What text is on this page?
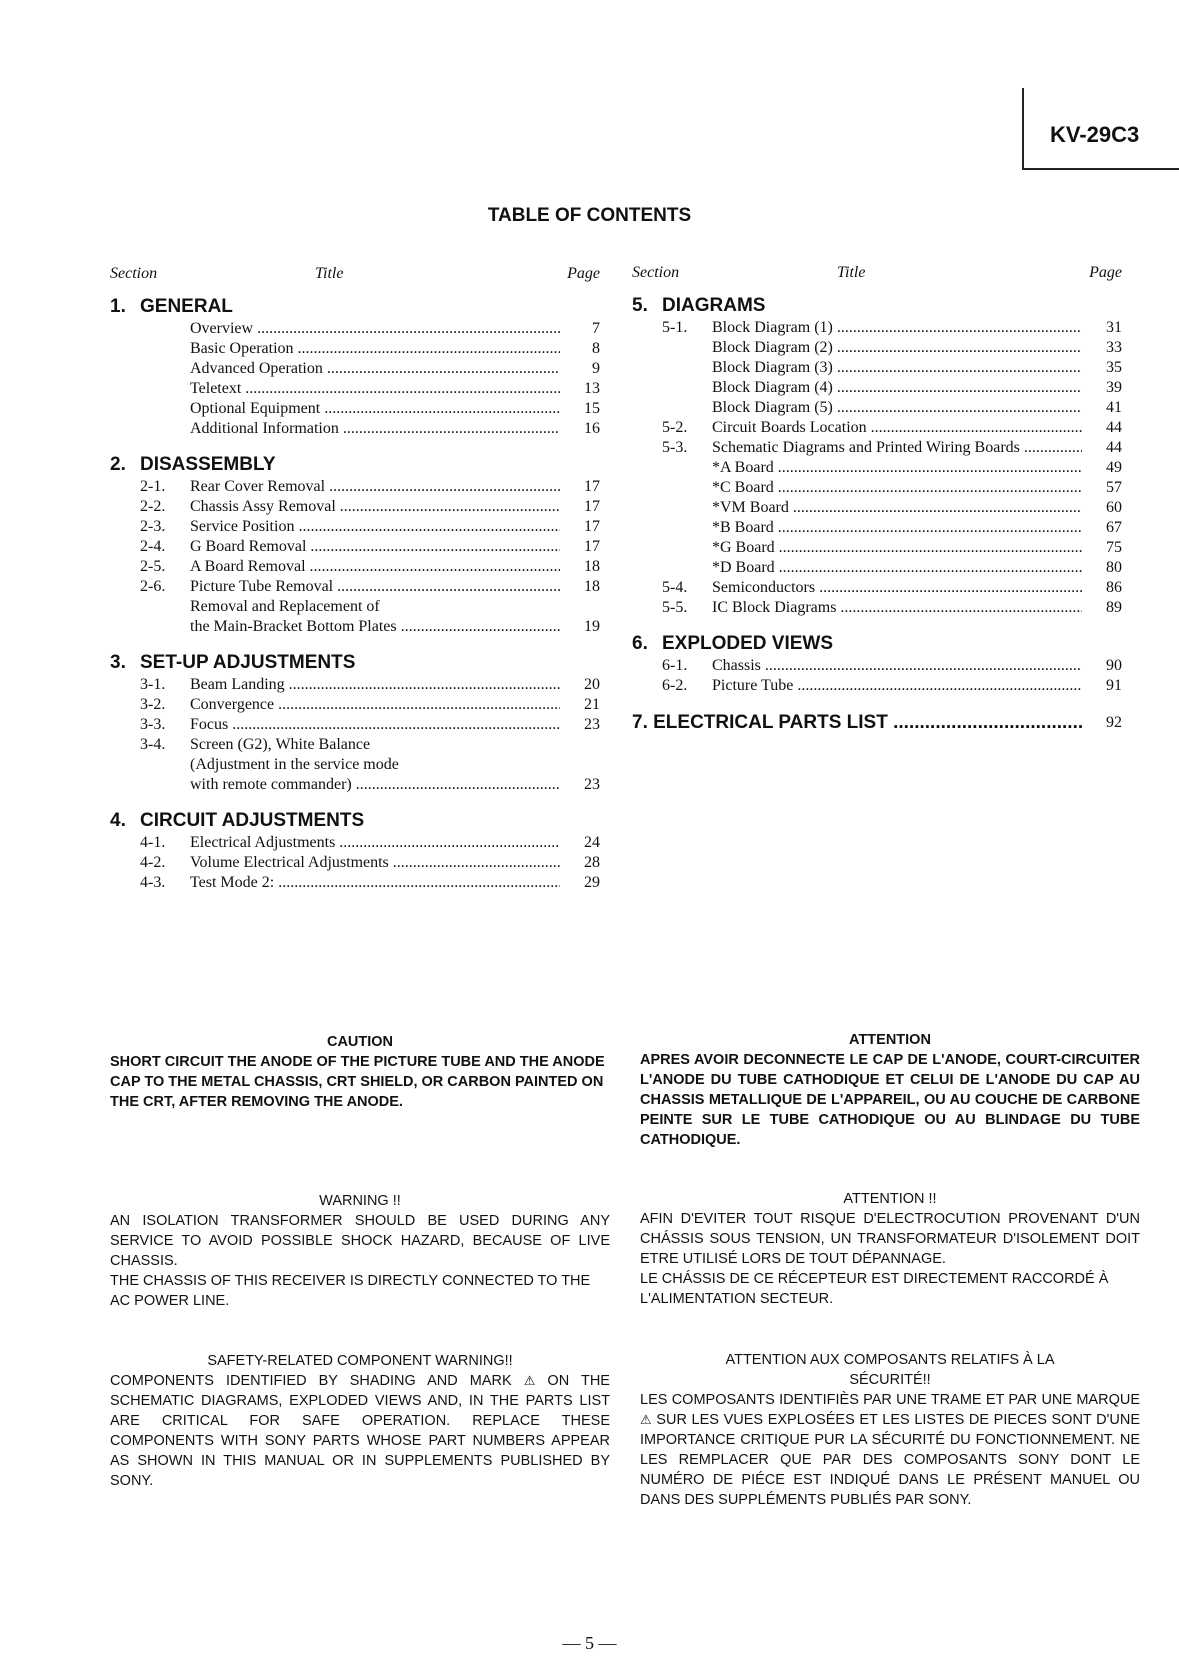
KV-29C3
TABLE OF CONTENTS
Section	Title	Page
1. GENERAL
Overview .....	7
Basic Operation .....	8
Advanced Operation .....	9
Teletext .....	13
Optional Equipment .....	15
Additional Information .....	16
2. DISASSEMBLY
2-1. Rear Cover Removal .....	17
2-2. Chassis Assy Removal .....	17
2-3. Service Position .....	17
2-4. G Board Removal .....	17
2-5. A Board Removal .....	18
2-6. Picture Tube Removal .....	18
Removal and Replacement of
the Main-Bracket Bottom Plates .....	19
3. SET-UP ADJUSTMENTS
3-1. Beam Landing .....	20
3-2. Convergence .....	21
3-3. Focus .....	23
3-4. Screen (G2), White Balance
(Adjustment in the service mode
with remote commander) .....	23
4. CIRCUIT ADJUSTMENTS
4-1. Electrical Adjustments .....	24
4-2. Volume Electrical Adjustments .....	28
4-3. Test Mode 2: .....	29
Section	Title	Page
5. DIAGRAMS
5-1. Block Diagram (1) .....	31
Block Diagram (2) .....	33
Block Diagram (3) .....	35
Block Diagram (4) .....	39
Block Diagram (5) .....	41
5-2. Circuit Boards Location .....	44
5-3. Schematic Diagrams and Printed Wiring Boards .....	44
*A Board .....	49
*C Board .....	57
*VM Board .....	60
*B Board .....	67
*G Board .....	75
*D Board .....	80
5-4. Semiconductors .....	86
5-5. IC Block Diagrams .....	89
6. EXPLODED VIEWS
6-1. Chassis .....	90
6-2. Picture Tube .....	91
7. ELECTRICAL PARTS LIST .....	92
CAUTION
SHORT CIRCUIT THE ANODE OF THE PICTURE TUBE AND THE ANODE CAP TO THE METAL CHASSIS, CRT SHIELD, OR CARBON PAINTED ON THE CRT, AFTER REMOVING THE ANODE.
ATTENTION
APRES AVOIR DECONNECTE LE CAP DE L'ANODE, COURT-CIRCUITER L'ANODE DU TUBE CATHODIQUE ET CELUI DE L'ANODE DU CAP AU CHASSIS METALLIQUE DE L'APPAREIL, OU AU COUCHE DE CARBONE PEINTE SUR LE TUBE CATHODIQUE OU AU BLINDAGE DU TUBE CATHODIQUE.
WARNING !!
AN ISOLATION TRANSFORMER SHOULD BE USED DURING ANY SERVICE TO AVOID POSSIBLE SHOCK HAZARD, BECAUSE OF LIVE CHASSIS.
THE CHASSIS OF THIS RECEIVER IS DIRECTLY CONNECTED TO THE AC POWER LINE.
ATTENTION !!
AFIN D'EVITER TOUT RISQUE D'ELECTROCUTION PROVENANT D'UN CHÁSSIS SOUS TENSION, UN TRANSFORMATEUR D'ISOLEMENT DOIT ETRE UTILISÉ LORS DE TOUT DÉPANNAGE.
LE CHÁSSIS DE CE RÉCEPTEUR EST DIRECTEMENT RACCORDÉ À L'ALIMENTATION SECTEUR.
SAFETY-RELATED COMPONENT WARNING!!
COMPONENTS IDENTIFIED BY SHADING AND MARK ⚠ ON THE SCHEMATIC DIAGRAMS, EXPLODED VIEWS AND, IN THE PARTS LIST ARE CRITICAL FOR SAFE OPERATION. REPLACE THESE COMPONENTS WITH SONY PARTS WHOSE PART NUMBERS APPEAR AS SHOWN IN THIS MANUAL OR IN SUPPLEMENTS PUBLISHED BY SONY.
ATTENTION AUX COMPOSANTS RELATIFS À LA SÉCURITÉ!!
LES COMPOSANTS IDENTIFIÈS PAR UNE TRAME ET PAR UNE MARQUE ⚠ SUR LES VUES EXPLOSÉES ET LES LISTES DE PIECES SONT D'UNE IMPORTANCE CRITIQUE PUR LA SÉCURITÉ DU FONCTIONNEMENT. NE LES REMPLACER QUE PAR DES COMPOSANTS SONY DONT LE NUMÉRO DE PIÉCE EST INDIQUÉ DANS LE PRÉSENT MANUEL OU DANS DES SUPPLÉMENTS PUBLIÉS PAR SONY.
— 5 —
